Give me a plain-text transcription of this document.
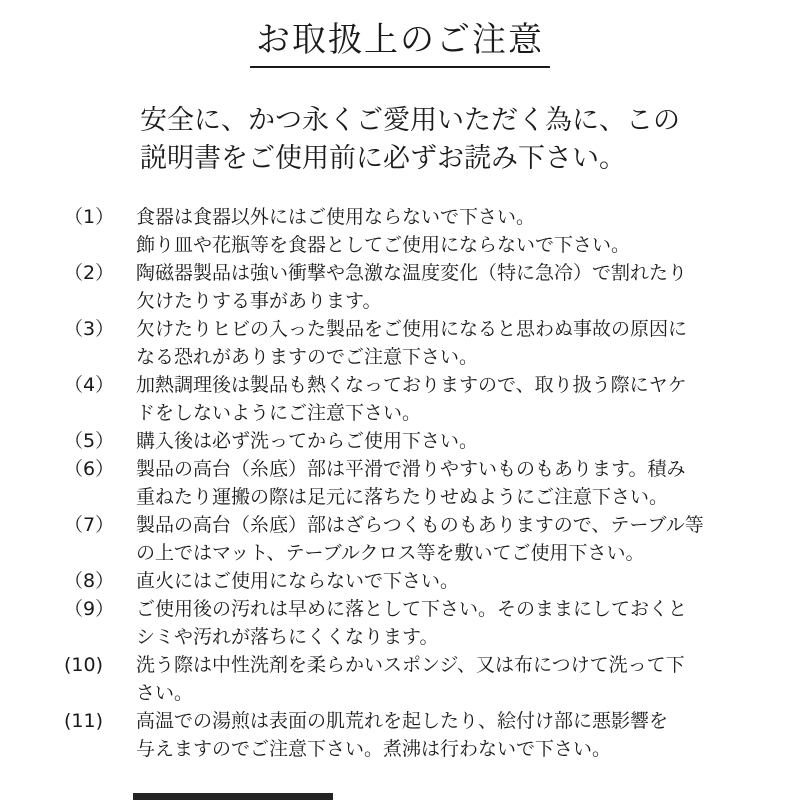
お取扱上のご注意
安全に、かつ永くご愛用いただく為に、この
説明書をご使用前に必ずお読み下さい。
（1）	食器は食器以外にはご使用ならないで下さい。
飾り皿や花瓶等を食器としてご使用にならないで下さい。
（2）	陶磁器製品は強い衝撃や急激な温度変化（特に急冷）で割れたり
欠けたりする事があります。
（3）	欠けたりヒビの入った製品をご使用になると思わぬ事故の原因に
なる恐れがありますのでご注意下さい。
（4）	加熱調理後は製品も熱くなっておりますので、取り扱う際にヤケ
ドをしないようにご注意下さい。
（5）	購入後は必ず洗ってからご使用下さい。
（6）	製品の高台（糸底）部は平滑で滑りやすいものもあります。積み
重ねたり運搬の際は足元に落ちたりせぬようにご注意下さい。
（7）	製品の高台（糸底）部はざらつくものもありますので、テーブル等
の上ではマット、テーブルクロス等を敷いてご使用下さい。
（8）	直火にはご使用にならないで下さい。
（9）	ご使用後の汚れは早めに落として下さい。そのままにしておくと
シミや汚れが落ちにくくなります。
(10)	洗う際は中性洗剤を柔らかいスポンジ、又は布につけて洗って下
さい。
(11)	高温での湯煎は表面の肌荒れを起したり、絵付け部に悪影響を
与えますのでご注意下さい。煮沸は行わないで下さい。
